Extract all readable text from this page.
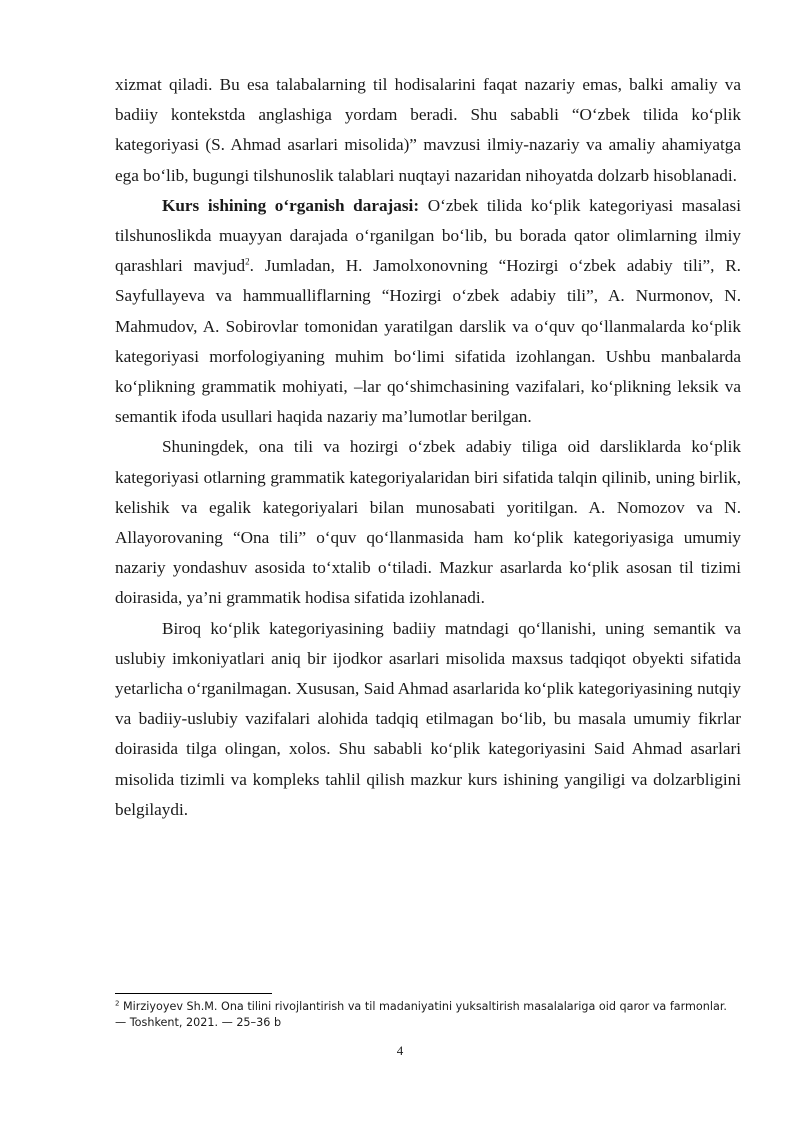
xizmat qiladi. Bu esa talabalarning til hodisalarini faqat nazariy emas, balki amaliy va badiiy kontekstda anglashiga yordam beradi. Shu sababli “O‘zbek tilida ko‘plik kategoriyasi (S. Ahmad asarlari misolida)” mavzusi ilmiy-nazariy va amaliy ahamiyatga ega bo‘lib, bugungi tilshunoslik talablari nuqtayi nazaridan nihoyatda dolzarb hisoblanadi.

Kurs ishining o‘rganish darajasi: O‘zbek tilida ko‘plik kategoriyasi masalasi tilshunoslikda muayyan darajada o‘rganilgan bo‘lib, bu borada qator olimlarning ilmiy qarashlari mavjud$^2$. Jumladan, H. Jamolxonovning “Hozirgi o‘zbek adabiy tili”, R. Sayfullayeva va hammualliflarning “Hozirgi o‘zbek adabiy tili”, A. Nurmonov, N. Mahmudov, A. Sobirovlar tomonidan yaratilgan darslik va o‘quv qo‘llanmalarda ko‘plik kategoriyasi morfologiyaning muhim bo‘limi sifatida izohlangan. Ushbu manbalarda ko‘plikning grammatik mohiyati, –lar qo‘shimchasining vazifalari, ko‘plikning leksik va semantik ifoda usullari haqida nazariy ma’lumotlar berilgan.

Shuningdek, ona tili va hozirgi o‘zbek adabiy tiliga oid darsliklarda ko‘plik kategoriyasi otlarning grammatik kategoriyalaridan biri sifatida talqin qilinib, uning birlik, kelishik va egalik kategoriyalari bilan munosabati yoritilgan. A. Nomozov va N. Allayorovaning “Ona tili” o‘quv qo‘llanmasida ham ko‘plik kategoriyasiga umumiy nazariy yondashuv asosida to‘xtalib o‘tiladi. Mazkur asarlarda ko‘plik asosan til tizimi doirasida, ya’ni grammatik hodisa sifatida izohlanadi.

Biroq ko‘plik kategoriyasining badiiy matndagi qo‘llanishi, uning semantik va uslubiy imkoniyatlari aniq bir ijodkor asarlari misolida maxsus tadqiqot obyekti sifatida yetarlicha o‘rganilmagan. Xususan, Said Ahmad asarlarida ko‘plik kategoriyasining nutqiy va badiiy-uslubiy vazifalari alohida tadqiq etilmagan bo‘lib, bu masala umumiy fikrlar doirasida tilga olingan, xolos. Shu sababli ko‘plik kategoriyasini Said Ahmad asarlari misolida tizimli va kompleks tahlil qilish mazkur kurs ishining yangiligi va dolzarbligini belgilaydi.

$^2$ Mirziyoyev Sh.M. Ona tilini rivojlantirish va til madaniyatini yuksaltirish masalalariga oid qaror va farmonlar. — Toshkent, 2021. — 25–36 b
4
